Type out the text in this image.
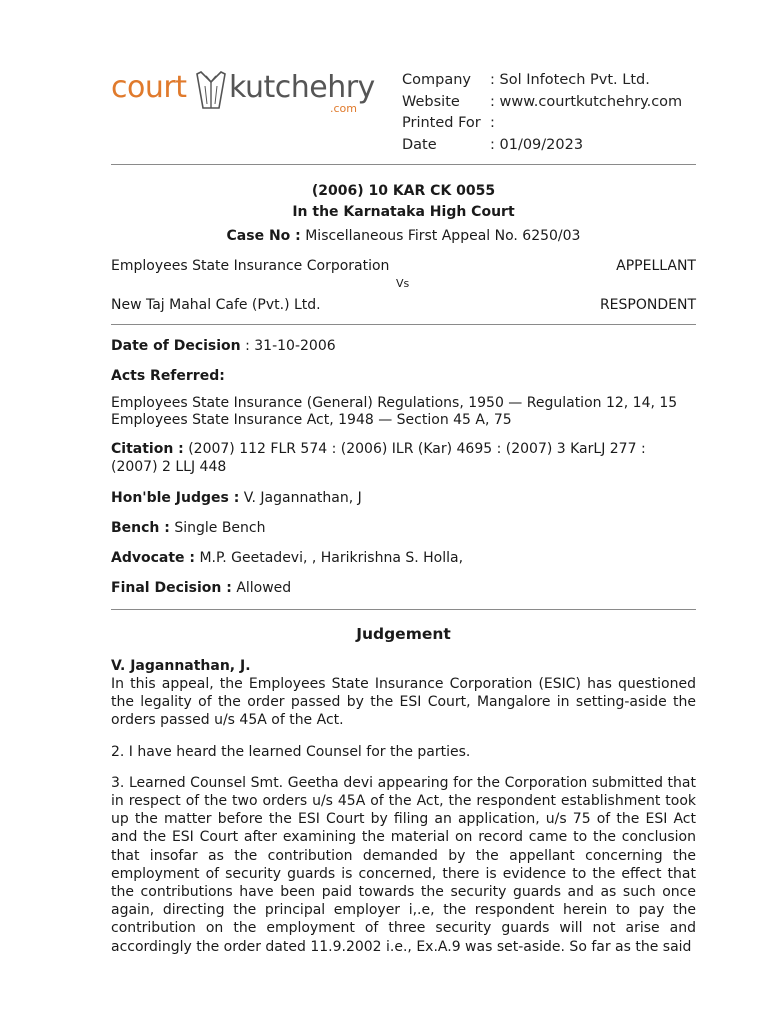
court kutchehry
.com
Company	: Sol Infotech Pvt. Ltd.
Website	: www.courtkutchehry.com
Printed For :
Date	: 01/09/2023
(2006) 10 KAR CK 0055
In the Karnataka High Court
Case No : Miscellaneous First Appeal No. 6250/03
Employees State Insurance Corporation	APPELLANT
Vs
New Taj Mahal Cafe (Pvt.) Ltd.	RESPONDENT
Date of Decision : 31-10-2006
Acts Referred:
Employees State Insurance (General) Regulations, 1950 — Regulation 12, 14, 15
Employees State Insurance Act, 1948 — Section 45 A, 75
Citation : (2007) 112 FLR 574 : (2006) ILR (Kar) 4695 : (2007) 3 KarLJ 277 : (2007) 2 LLJ 448
Hon'ble Judges : V. Jagannathan, J
Bench : Single Bench
Advocate : M.P. Geetadevi, , Harikrishna S. Holla,
Final Decision : Allowed
Judgement
V. Jagannathan, J.
In this appeal, the Employees State Insurance Corporation (ESIC) has questioned the legality of the order passed by the ESI Court, Mangalore in setting-aside the orders passed u/s 45A of the Act.
2. I have heard the learned Counsel for the parties.
3. Learned Counsel Smt. Geetha devi appearing for the Corporation submitted that in respect of the two orders u/s 45A of the Act, the respondent establishment took up the matter before the ESI Court by filing an application, u/s 75 of the ESI Act and the ESI Court after examining the material on record came to the conclusion that insofar as the contribution demanded by the appellant concerning the employment of security guards is concerned, there is evidence to the effect that the contributions have been paid towards the security guards and as such once again, directing the principal employer i,.e, the respondent herein to pay the contribution on the employment of three security guards will not arise and accordingly the order dated 11.9.2002 i.e., Ex.A.9 was set-aside. So far as the said
